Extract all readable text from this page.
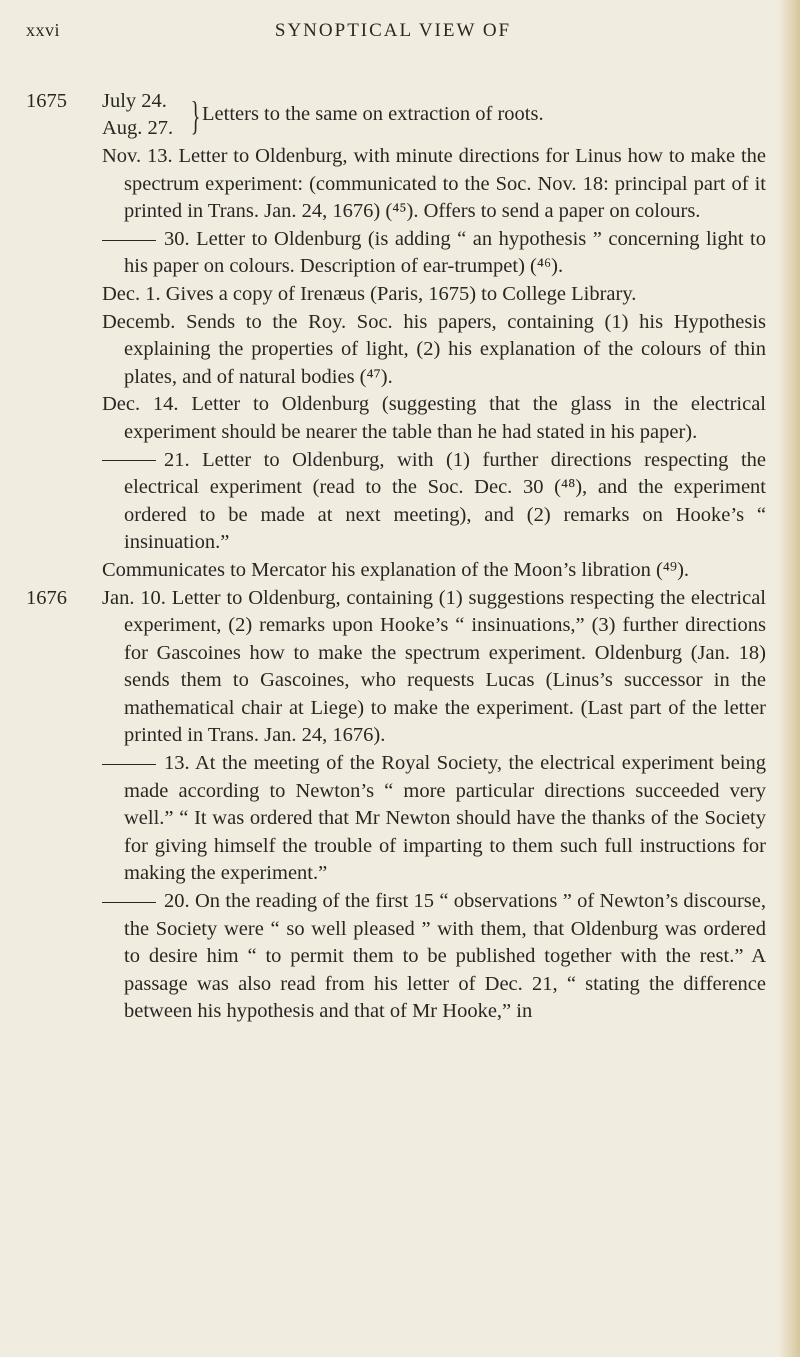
xxvi	SYNOPTICAL VIEW OF
1675 July 24.
Aug. 27. } Letters to the same on extraction of roots.

Nov. 13. Letter to Oldenburg, with minute directions for Linus how to make the spectrum experiment: (communicated to the Soc. Nov. 18: principal part of it printed in Trans. Jan. 24, 1676) (⁴⁵). Offers to send a paper on colours.

30. Letter to Oldenburg (is adding “ an hypothesis ” concerning light to his paper on colours. Description of ear-trumpet) (⁴⁶).

Dec. 1. Gives a copy of Irenæus (Paris, 1675) to College Library.

Decemb. Sends to the Roy. Soc. his papers, containing (1) his Hypothesis explaining the properties of light, (2) his explanation of the colours of thin plates, and of natural bodies (⁴⁷).

Dec. 14. Letter to Oldenburg (suggesting that the glass in the electrical experiment should be nearer the table than he had stated in his paper).

21. Letter to Oldenburg, with (1) further directions respecting the electrical experiment (read to the Soc. Dec. 30 (⁴⁸), and the experiment ordered to be made at next meeting), and (2) remarks on Hooke’s “ insinuation.”

Communicates to Mercator his explanation of the Moon’s libration (⁴⁹).

1676 Jan. 10. Letter to Oldenburg, containing (1) suggestions respecting the electrical experiment, (2) remarks upon Hooke’s “ insinuations,” (3) further directions for Gascoines how to make the spectrum experiment. Oldenburg (Jan. 18) sends them to Gascoines, who requests Lucas (Linus’s successor in the mathematical chair at Liege) to make the experiment. (Last part of the letter printed in Trans. Jan. 24, 1676).

13. At the meeting of the Royal Society, the electrical experiment being made according to Newton’s “ more particular directions succeeded very well.” “ It was ordered that Mr Newton should have the thanks of the Society for giving himself the trouble of imparting to them such full instructions for making the experiment.”

20. On the reading of the first 15 “ observations ” of Newton’s discourse, the Society were “ so well pleased ” with them, that Oldenburg was ordered to desire him “ to permit them to be published together with the rest.” A passage was also read from his letter of Dec. 21, “ stating the difference between his hypothesis and that of Mr Hooke,” in
